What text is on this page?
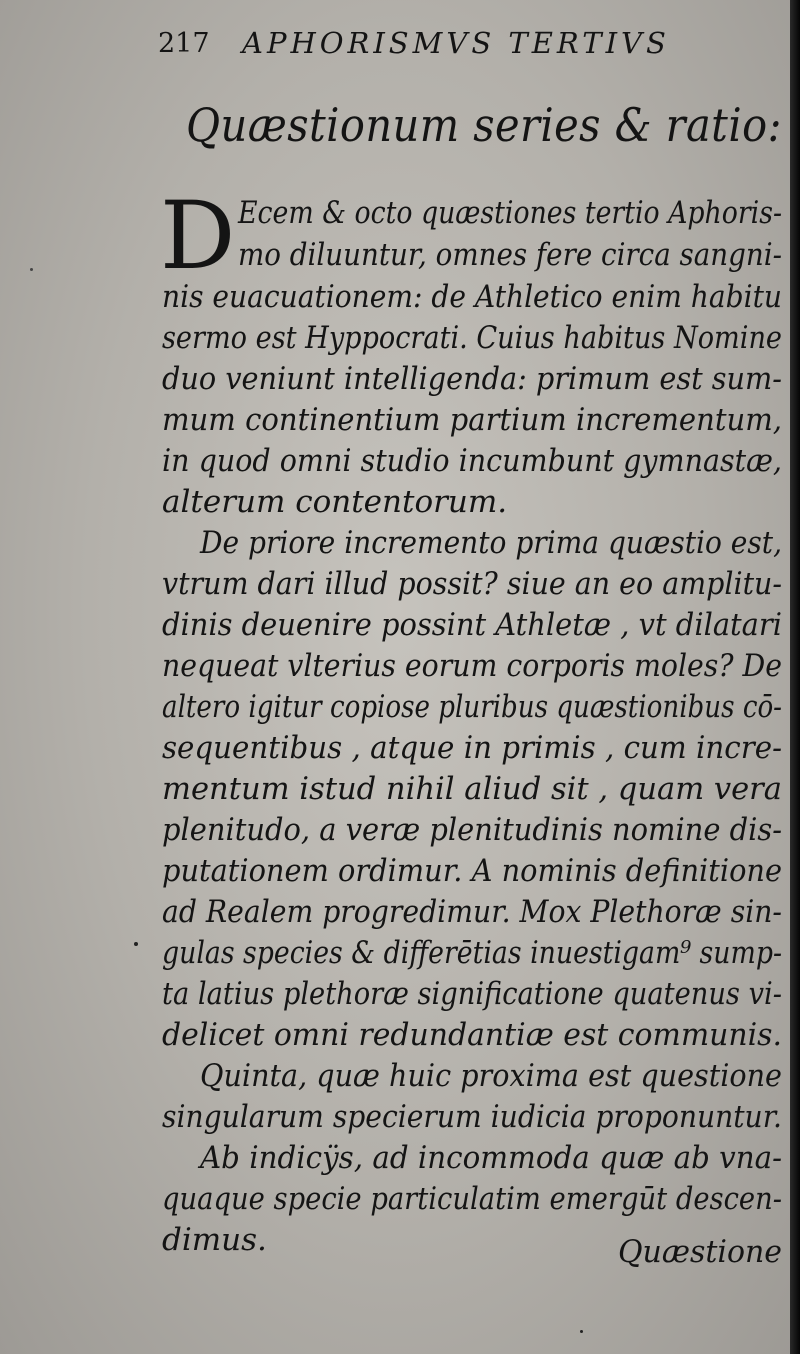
217 APHORISMVS TERTIVS
Quæstionum series & ratio:
D Ecem & octo quæstiones tertio Aphoris-
mo diluuntur, omnes fere circa sangni-
nis euacuationem: de Athletico enim habitu
sermo est Hyppocrati. Cuius habitus Nomine
duo veniunt intelligenda: primum est sum-
mum continentium partium incrementum,
in quod omni studio incumbunt gymnastæ,
alterum contentorum.
De priore incremento prima quæstio est,
vtrum dari illud possit? siue an eo amplitu-
dinis deuenire possint Athletæ , vt dilatari
nequeat vlterius eorum corporis moles? De
altero igitur copiose pluribus quæstionibus cō-
sequentibus , atque in primis , cum incre-
mentum istud nihil aliud sit , quam vera
plenitudo, a veræ plenitudinis nomine dis-
putationem ordimur. A nominis definitione
ad Realem progredimur. Mox Plethoræ sin-
gulas species & differētias inuestigam⁹ sump-
ta latius plethoræ significatione quatenus vi-
delicet omni redundantiæ est communis.
Quinta, quæ huic proxima est questione
singularum specierum iudicia proponuntur.
Ab indicÿs, ad incommoda quæ ab vna-
quaque specie particulatim emergūt descen-
dimus.	Quæstione
